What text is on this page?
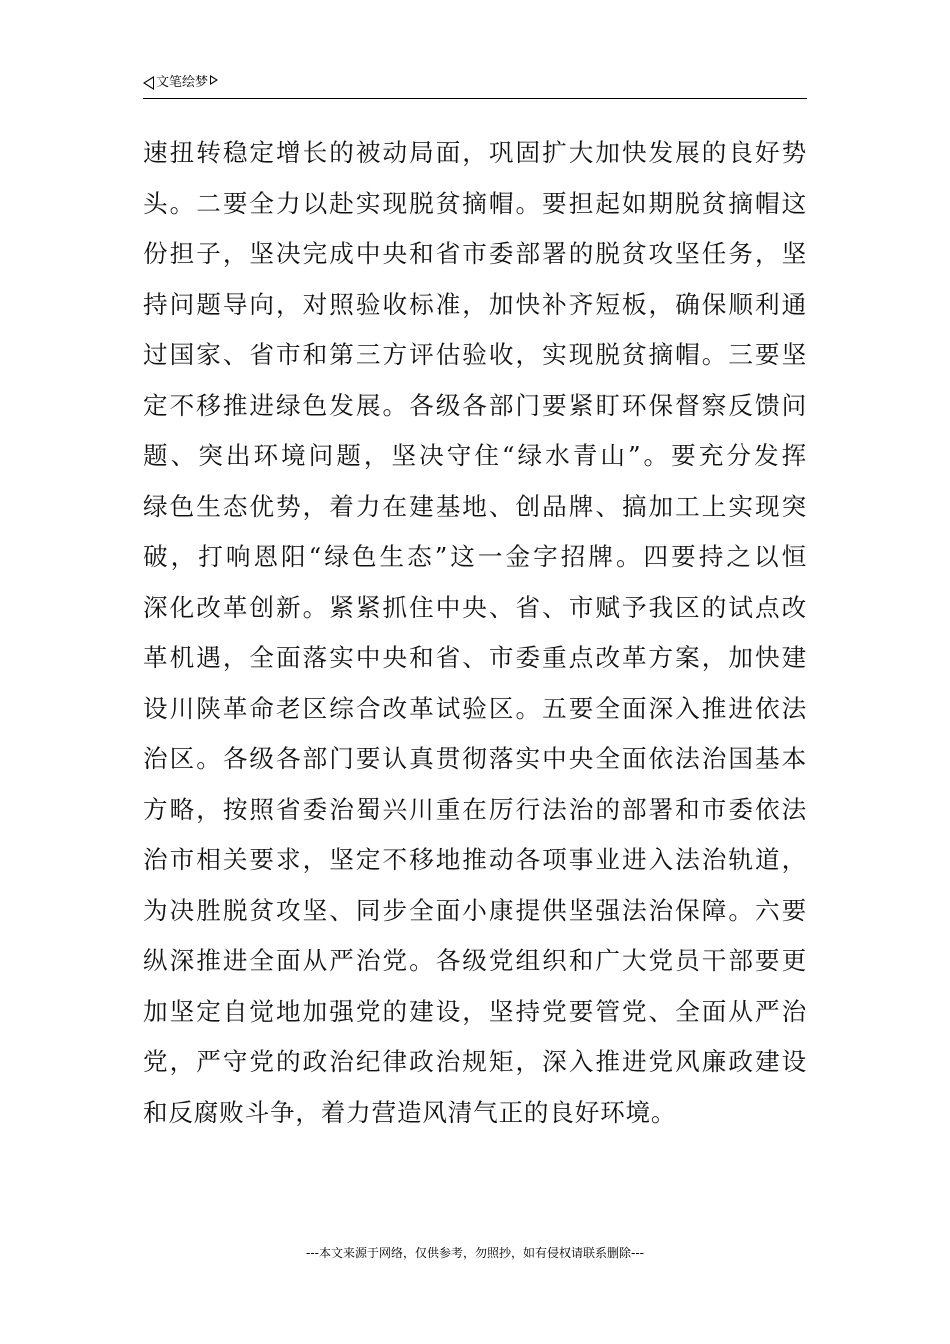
文笔绘梦
速扭转稳定增长的被动局面，巩固扩大加快发展的良好势
头。二要全力以赴实现脱贫摘帽。要担起如期脱贫摘帽这
份担子，坚决完成中央和省市委部署的脱贫攻坚任务，坚
持问题导向，对照验收标准，加快补齐短板，确保顺利通
过国家、省市和第三方评估验收，实现脱贫摘帽。三要坚
定不移推进绿色发展。各级各部门要紧盯环保督察反馈问
题、突出环境问题，坚决守住“绿水青山”。要充分发挥
绿色生态优势，着力在建基地、创品牌、搞加工上实现突
破，打响恩阳“绿色生态”这一金字招牌。四要持之以恒
深化改革创新。紧紧抓住中央、省、市赋予我区的试点改
革机遇，全面落实中央和省、市委重点改革方案，加快建
设川陕革命老区综合改革试验区。五要全面深入推进依法
治区。各级各部门要认真贯彻落实中央全面依法治国基本
方略，按照省委治蜀兴川重在厉行法治的部署和市委依法
治市相关要求，坚定不移地推动各项事业进入法治轨道，
为决胜脱贫攻坚、同步全面小康提供坚强法治保障。六要
纵深推进全面从严治党。各级党组织和广大党员干部要更
加坚定自觉地加强党的建设，坚持党要管党、全面从严治
党，严守党的政治纪律政治规矩，深入推进党风廉政建设
和反腐败斗争，着力营造风清气正的良好环境。
---本文来源于网络，仅供参考，勿照抄，如有侵权请联系删除---
